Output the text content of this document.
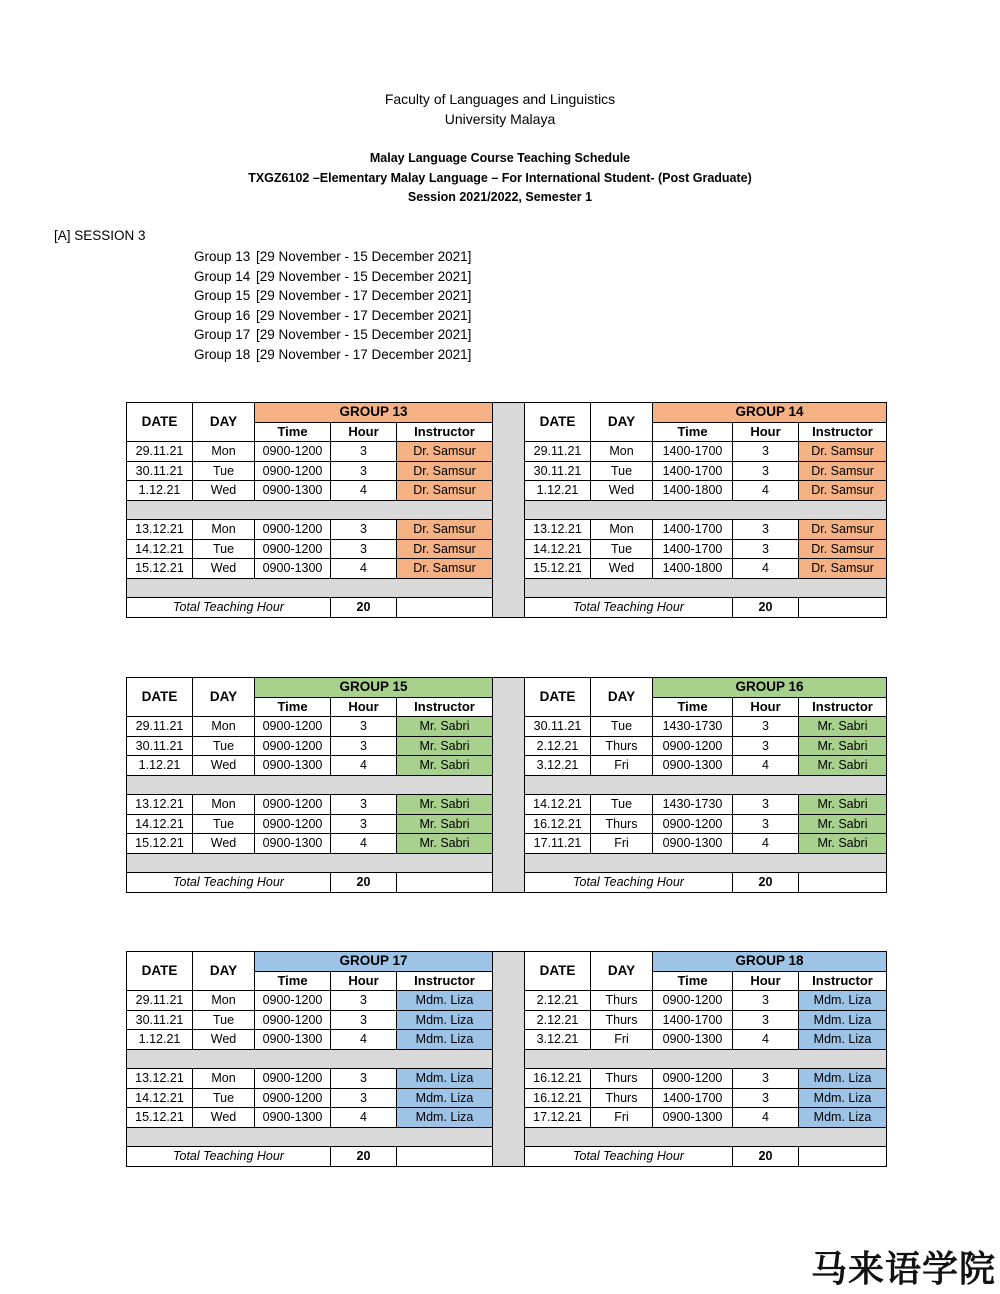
Faculty of Languages and Linguistics
University Malaya
Malay Language Course Teaching Schedule
TXGZ6102 –Elementary Malay Language – For International Student- (Post Graduate)
Session 2021/2022, Semester 1
[A] SESSION 3
Group 13 [29 November - 15 December 2021]
Group 14 [29 November - 15 December 2021]
Group 15 [29 November - 17 December 2021]
Group 16 [29 November - 17 December 2021]
Group 17 [29 November - 15 December 2021]
Group 18 [29 November - 17 December 2021]
DATE	DAY	GROUP 13				DATE	DAY	GROUP 14		
		Time	Hour	Instructor				Time	Hour	Instructor
29.11.21	Mon	0900-1200	3	Dr. Samsur		29.11.21	Mon	1400-1700	3	Dr. Samsur
30.11.21	Tue	0900-1200	3	Dr. Samsur		30.11.21	Tue	1400-1700	3	Dr. Samsur
1.12.21	Wed	0900-1300	4	Dr. Samsur		1.12.21	Wed	1400-1800	4	Dr. Samsur

13.12.21	Mon	0900-1200	3	Dr. Samsur		13.12.21	Mon	1400-1700	3	Dr. Samsur
14.12.21	Tue	0900-1200	3	Dr. Samsur		14.12.21	Tue	1400-1700	3	Dr. Samsur
15.12.21	Wed	0900-1300	4	Dr. Samsur		15.12.21	Wed	1400-1800	4	Dr. Samsur

Total Teaching Hour			20			Total Teaching Hour			20	
DATE	DAY	GROUP 15				DATE	DAY	GROUP 16		
		Time	Hour	Instructor				Time	Hour	Instructor
29.11.21	Mon	0900-1200	3	Mr. Sabri		30.11.21	Tue	1430-1730	3	Mr. Sabri
30.11.21	Tue	0900-1200	3	Mr. Sabri		2.12.21	Thurs	0900-1200	3	Mr. Sabri
1.12.21	Wed	0900-1300	4	Mr. Sabri		3.12.21	Fri	0900-1300	4	Mr. Sabri

13.12.21	Mon	0900-1200	3	Mr. Sabri		14.12.21	Tue	1430-1730	3	Mr. Sabri
14.12.21	Tue	0900-1200	3	Mr. Sabri		16.12.21	Thurs	0900-1200	3	Mr. Sabri
15.12.21	Wed	0900-1300	4	Mr. Sabri		17.11.21	Fri	0900-1300	4	Mr. Sabri

Total Teaching Hour			20			Total Teaching Hour			20	
DATE	DAY	GROUP 17				DATE	DAY	GROUP 18		
		Time	Hour	Instructor				Time	Hour	Instructor
29.11.21	Mon	0900-1200	3	Mdm. Liza		2.12.21	Thurs	0900-1200	3	Mdm. Liza
30.11.21	Tue	0900-1200	3	Mdm. Liza		2.12.21	Thurs	1400-1700	3	Mdm. Liza
1.12.21	Wed	0900-1300	4	Mdm. Liza		3.12.21	Fri	0900-1300	4	Mdm. Liza

13.12.21	Mon	0900-1200	3	Mdm. Liza		16.12.21	Thurs	0900-1200	3	Mdm. Liza
14.12.21	Tue	0900-1200	3	Mdm. Liza		16.12.21	Thurs	1400-1700	3	Mdm. Liza
15.12.21	Wed	0900-1300	4	Mdm. Liza		17.12.21	Fri	0900-1300	4	Mdm. Liza

Total Teaching Hour			20			Total Teaching Hour			20	
马来语学院
